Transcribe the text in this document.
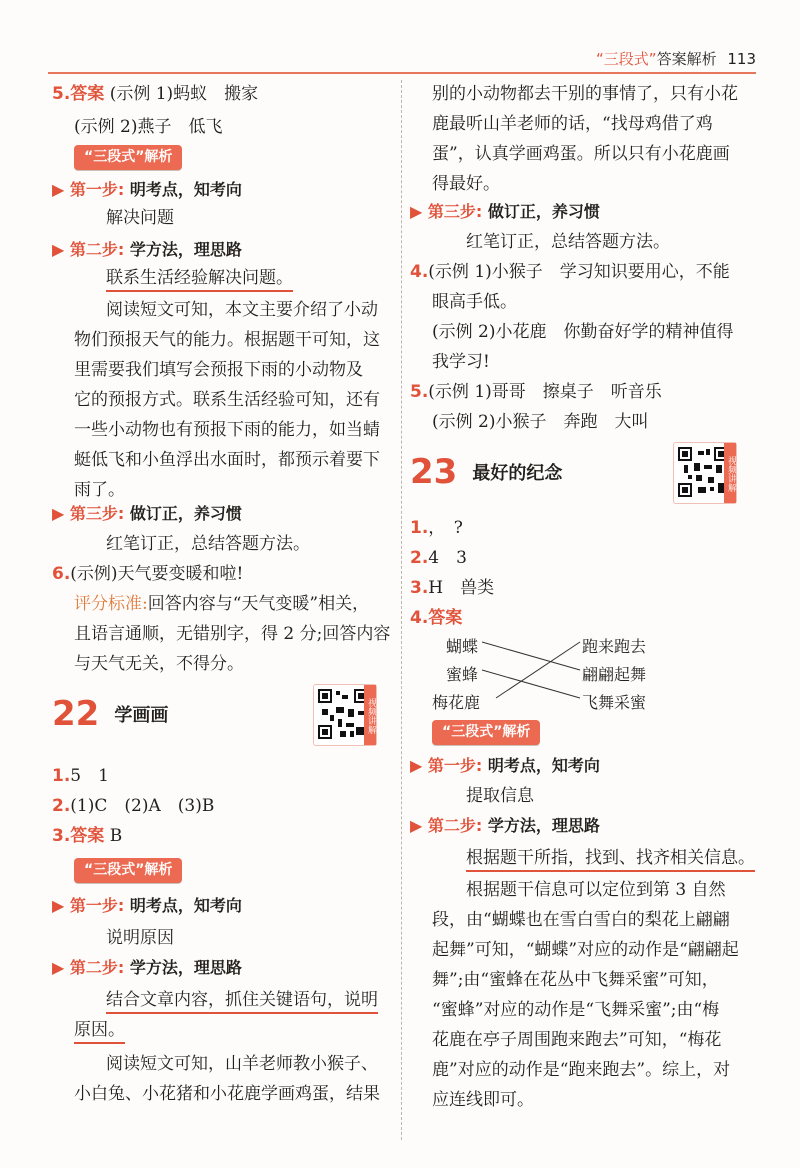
“三段式”答案解析 113
5.答案 (示例 1)蚂蚁　搬家
(示例 2)燕子　低飞
“三段式”解析
▶ 第一步: 明考点，知考向
解决问题
▶ 第二步: 学方法，理思路
联系生活经验解决问题。
阅读短文可知，本文主要介绍了小动
物们预报天气的能力。根据题干可知，这
里需要我们填写会预报下雨的小动物及
它的预报方式。联系生活经验可知，还有
一些小动物也有预报下雨的能力，如当蜻
蜓低飞和小鱼浮出水面时，都预示着要下
雨了。
▶ 第三步: 做订正，养习惯
红笔订正，总结答题方法。
6.(示例)天气要变暖和啦!
评分标准:回答内容与“天气变暖”相关，
且语言通顺，无错别字，得 2 分;回答内容
与天气无关，不得分。
22 学画画	视频讲解
1.5　1
2.(1)C　(2)A　(3)B
3.答案 B
“三段式”解析
▶ 第一步: 明考点，知考向
说明原因
▶ 第二步: 学方法，理思路
结合文章内容，抓住关键语句，说明
原因。
阅读短文可知，山羊老师教小猴子、
小白兔、小花猪和小花鹿学画鸡蛋，结果
别的小动物都去干别的事情了，只有小花
鹿最听山羊老师的话，“找母鸡借了鸡
蛋”，认真学画鸡蛋。所以只有小花鹿画
得最好。
▶ 第三步: 做订正，养习惯
红笔订正，总结答题方法。
4.(示例 1)小猴子　学习知识要用心，不能
眼高手低。
(示例 2)小花鹿　你勤奋好学的精神值得
我学习!
5.(示例 1)哥哥　擦桌子　听音乐
(示例 2)小猴子　奔跑　大叫
23 最好的纪念	视频讲解
1.，　?
2.4　3
3.H　兽类
4.答案
蝴蝶
蜜蜂
梅花鹿
跑来跑去
翩翩起舞
飞舞采蜜
“三段式”解析
▶ 第一步: 明考点，知考向
提取信息
▶ 第二步: 学方法，理思路
根据题干所指，找到、找齐相关信息。
根据题干信息可以定位到第 3 自然
段，由“蝴蝶也在雪白雪白的梨花上翩翩
起舞”可知，“蝴蝶”对应的动作是“翩翩起
舞”;由“蜜蜂在花丛中飞舞采蜜”可知，
“蜜蜂”对应的动作是“飞舞采蜜”;由“梅
花鹿在亭子周围跑来跑去”可知，“梅花
鹿”对应的动作是“跑来跑去”。综上，对
应连线即可。
